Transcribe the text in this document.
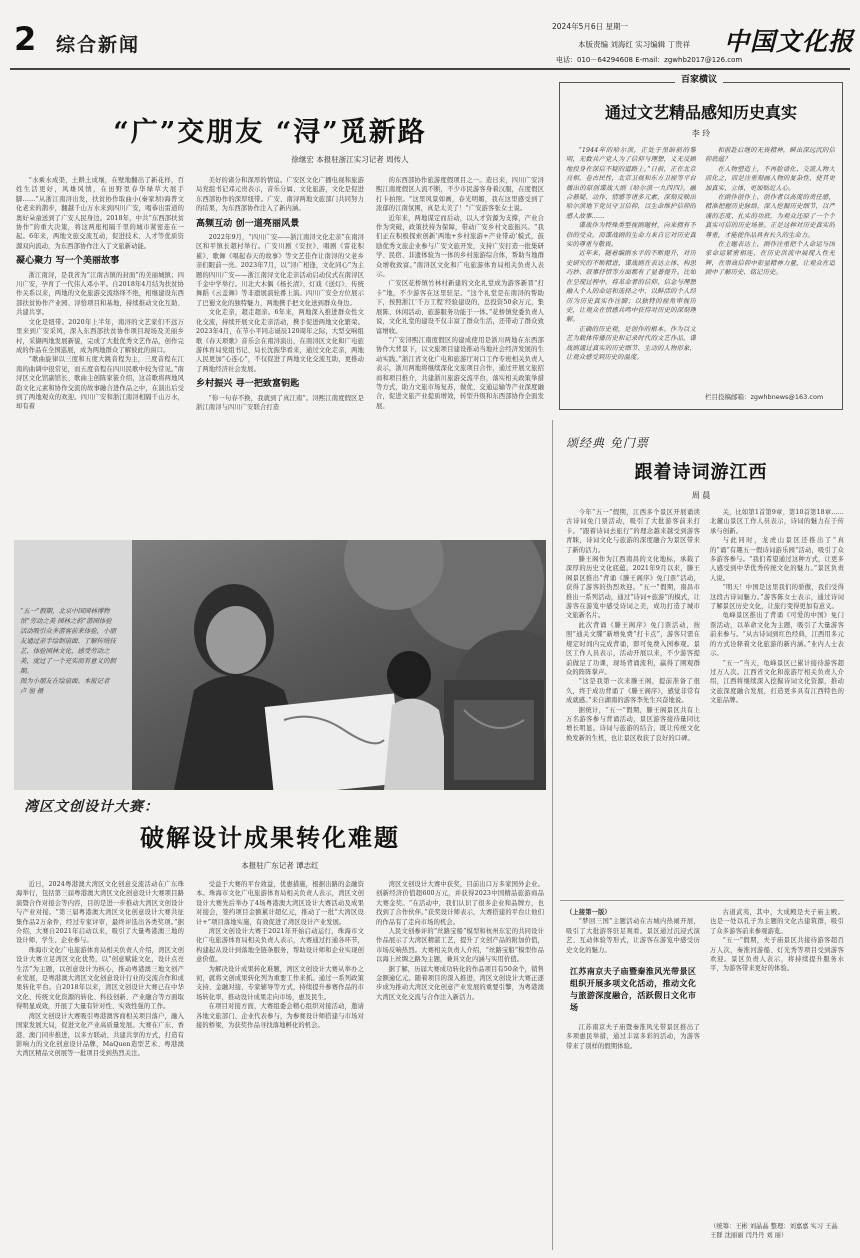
2 综合新闻
2024年5月6日 星期一
本版责编 刘海红 实习编辑 丁贵祥
电话：010－64294608 E-mail：zgwhb2017@126.com
中国文化报
“广”交朋友 “浔”觅新路
徐继宏 本报驻浙江实习记者 周传人

“水乘水成渠，土耕土成壤，在壁地翻出了新花样，百姓生活更好，风雄风情，在田野里春华绿草大展手脚……”从浙江南浔出发，扶贫协作取曲小(秦家坝)海普文化老来的鹊步，翻越千山万水来到四川广安，喝恭出雷道的奥好朵童送到了广安人民身边。2018年，中共“东西部扶贫协作”的重大决策，将这两座相隔千里的城市紧密连在一起。6年来，两地文旅交流互动，促进技术、人才等优质资源双向流动，为东西部协作注入了文旅新动能。

凝心聚力 写一个美丽故事

浙江南浔，是我省为“江南古镇的封面”的美丽城镇；四川广安，孕育了一代伟人邓小平。自2018年4月结为扶贫协作关系以来，两地的文化旅游交流络绎不绝，相继建设东西部扶贫协作产业园、浔恰项目和基地，持续推动文化互助、共建共享。

文化是纽带。2020年上半年，南浔的文艺家们不远万里来到广安采风，深入东西部扶贫协作项目现场及美丽乡村，采撷两地发展新貌，完成了大批优秀文艺作品，创作完成的作品在全国巡展，成为两地群众了解彼此的窗口。

“歌曲旋律以三度和五度大跳音程为主，三度音程在江南的曲调中很常见，而五度音程在四川民歌中较为常见。”南浔区文化馆副馆长、歌曲主创陈家筱介绍，这首歌将两地风韵文化元素和协作交流的故事融合进作品之中，在演出后受到了两地观众的欢迎。四川广安和浙江南浔相隔千山万水，却有着

美好的诸分和深厚的情谊。广安区文化广播电视和旅游局党组书记邓元贵表示，音乐分属、文化旅游，文化是促进东西部协作的深厚纽带。广安、南浔两地文旅部门共同努力的结果，为东西部协作注入了新内涵。

高频互动 创一道亮丽风景

2022年9月，“四川广安——浙江南浔文化走亲”在南浔区和平镇长超村举行。广安川剧《安拉》、唱剧《雷花积累》、歌舞《唱起春天的故事》等文艺佳作让南浔的父老乡亲们眼前一亮。2023年7月，以“浔广相逢，文化同心”为主题的四川广安——浙江南浔文化走亲活动启动仪式在南浔区千金中学举行。川北大木偶《杨长清》、灯戏《送灯》、传统舞蹈《云盖舞》等非遗展演轮番上演。四川广安全方位展示了巴蜀文化的独特魅力，两地携手把文化送到群众身边。

文化走亲，超走超亲。6年来，两地深入推进群众性文化交流，持续开展文化走亲活动，携手促进两地文化繁荣。2023年4月，在节小平同志诞辰120周年之际，大型交响组歌《春天项歌》音乐会在南浔演出，在南浔区文化和广电旅游体育局党组书记、局长沈振华看来，通过文化走亲，两地人民更加“心连心”，不仅促进了两地文化交流互助，更推动了两地经济社会发展。

乡村振兴 寻一把致富钥匙

“你一句春不换，我就到了真江南”。浔熙江南度假区是浙江南浔与四川广安联合打造

的东西部协作旅游度假项目之一。造日来，四川广安浔熙江南度假区人流不断，不少市民游客身着汉服，在度假区打卡拍照。“这里风景如画，春光明媚，我在这里感受到了浓郁的江南氛围，真是太美了！”广安游客张女士说。

近年来，两地谋定而后动，以人才资源为支撑，产业合作为突破，政策扶持为保障，带动广安乡村文旅振兴。“我们正在积极探索创新‘两地+乡村旅游+产业带动’模式，鼓励优秀文旅企业参与广安文旅开发，支持广安打造一批集研学、民宿、非遗体验为一体的乡村旅游综合体，帮助当地群众增收致富。”南浔区文化和广电旅游体育局相关负责人表示。

广安区花桥镇竹林村新建的文化礼堂成为游客新晋“打卡”地，不少游客在这里驻足。“这个礼堂是在南浔的帮助下，按照浙江‘千万工程’经验建设的，总投资50余万元，集展陈、休闲活动、旅游服务功能于一体。”花桥镇党委负责人说，文化礼堂的建设不仅丰富了群众生活，还带动了群众致富增收。

“广安浔熙江南度假区的建成使用是浙川两地在东西部协作大背景下，以文旅项目建设推动当地社会经济发展的生动实践。”浙江省文化广电和旅游厅对口工作专班相关负责人表示，浙川两地将继续深化文旅项目合作，通过开展文旅招商和项目推介，共建浙川旅游交流平台，落实相关政策举措等方式，助力文旅市场复苏，做优、交通运输等产业深度融合，促进文旅产业提质增效，转型升级和东西部协作全面发展。

百家横议
通过文艺精品感知历史真实
李 玲

“1944年的哈尔滨，正处于黑暗前的黎明，无数共产党人为了信仰与理想，义无反顾地投身在深信不疑的道路上。”日前，正在北京亮相，卷古民性，北京卫视和东方卫视等平台播出的原创谍战大剧《哈尔滨一九四四》，融合悬疑、动作、情感等诸多元素，深刻反映出哈尔滨地下党员守卫信仰，以生命维护信仰的感人故事……

谍战作为特殊类型视剧题材，向来拥有不俗的受众，而谍战剧的生命力来自它对历史真实的尊重与敬畏。

近年来，随着编剧水平的不断提升，对历史研究的不断精进，谍战剧在表达立体、构思巧妙、叙事抒情等方面都有了显著提升。比如在呈现过程中，将革命者的信仰、信念与理想融入个人的命运和选择之中，以鲜活的个人经历为历史真实作注脚；以独特的视角审视历史，让观众在情感共鸣中获得对历史的深刻理解。

正确的历史观，是创作的根本。作为以文艺为载体传播历史和记录时代的文艺作品，谍战剧通过真实的历史细节、生动的人物形象，让观众感受到历史的温度。

和前赴后继的无畏精神，瞬出深远沉的信仰底蕴？

在人物塑造上，不再脸谱化、交流人物大而化之，而是注重刻画人物的复杂性，使其更加真实、立体，更加贴近人心。

在剧作创作上，创作者以高度的责任感，精准把握历史脉络，深入挖掘历史细节，以严谨的态度、扎实的功底，为观众还原了一个个真实可信的历史场景。正是这种对历史真实的尊重，才能使作品具有长久的生命力。

在主题表达上，剧作注重把个人命运与国家命运紧密相连，在历史洪流中展现人性光辉，在崇高信仰中彰显精神力量，让观众在追剧中了解历史、铭记历史。

栏目投稿邮箱：zgwhbnews@163.com
“五一”假期，北京中国园林博物馆“劳动之美 园林之韵”游园体验活动吸引众多游客前来体验，小朋友通过亲手绘制扇面、了解传统技艺、体验园林文化，感受劳动之美，度过了一个充实而有意义的假期。
图为小朋友在绘扇面。本报记者 卢 旭 摄
湾区文创设计大赛：
破解设计成果转化难题
本报驻广东记者 谭志红

近日，2024粤港澳大湾区文化创意交流活动在广东珠海举行，包括第三届粤港澳大湾区文化创意设计大赛项目路演暨合作对接会等内容，目的是进一步推动大湾区文创设计与产业对接。“第三届粤港澳大湾区文化创意设计大赛共征集作品2万余件，经过专家评审，最终评选出各类奖项。”据介绍，大赛自2021年启动以来，吸引了大量粤港澳三地的设计师、学生、企业参与。

珠海市文化广电旅游体育局相关负责人介绍，湾区文创设计大赛立足湾区文化优势，以“创意赋能文化，设计点亮生活”为主题，以创意设计为核心，推动粤港澳三地文创产业发展，是粤港澳大湾区文化创意设计行业的交流合作和成果转化平台。自2018年以来，湾区文创设计大赛已在中华文化、传统文化资源的转化、科技创新、产业融合等方面取得明显成效，开展了大量有针对性、实效性强的工作。

湾区文创设计大赛吸引粤港澳客商相关项目落户，融入国家发展大局，促进文化产业高质量发展。大赛在广东、香港、澳门同步推进，以多方联动、共建共享的方式，打造有影响力的文化创意设计品牌，MaQuen造型艺术、粤港澳大湾区精品文创展等一批项目受到热烈关注。

受益于大赛的平台效益，优惠措施，根据出路的金融资本。珠海市文化广电旅游体育局相关负责人表示，湾区文创设计大赛先后举办了4场粤港澳大湾区设计大赛活动及成果对接会，签约项目金额累计超亿元，推动了一批“大湾区设计+”项目落地实施，有效促进了湾区设计产业发展。

湾区文创设计大赛于2021年开始启动运行，珠海市文化广电旅游体育局相关负责人表示，大赛通过打通各环节，构建起从设计到落地全链条服务，帮助设计师和企业实现创意价值。

为解决设计成果转化难题，湾区文创设计大赛从举办之初，就将文创成果转化列为重要工作来抓。通过一系列政策支持、金融对接、专家辅导等方式，持续提升参赛作品的市场转化率，推动设计成果走向市场，惠及民生。

在项目对接方面，大赛组委会精心组织对接活动，邀请各地文旅部门、企业代表参与，为参赛设计师搭建与市场对接的桥梁，为获奖作品寻找落地孵化的机会。

湾区文创设计大赛中获奖，目前出口万多家国外企业。创新经济价值超600万元，并获得2023中国精品旅游商品大赛金奖。“在活动中，我们认识了很多企业和品牌方，也找到了合作伙伴。”获奖设计师表示，大赛搭建的平台让他们的作品有了走向市场的机会。

人民文创参评的“丝路宝船”模型和杭州东宏的共同设计作品展示了大湾区精湛工艺，提升了文创产品的附加价值，市场反响热烈。大赛相关负责人介绍，“丝路宝船”模型作品以海上丝绸之路为主题，兼具文化内涵与实用价值。

据了解，历届大赛成功转化的作品项目有50余个，销售金额逾亿元。随着项目的深入推进，湾区文创设计大赛正逐步成为推动大湾区文化创意产业发展的重要引擎，为粤港澳大湾区文化交流与合作注入新活力。

颂经典 免门票
跟着诗词游江西
周 晨

今年“五一”假期，江西多个景区开展诵读古诗词免门票活动，吸引了大批游客前来打卡。“跟着诗词去旅行”的理念越来越受到游客青睐，诗词文化与旅游的深度融合为景区带来了新的活力。

滕王阁作为江西南昌的文化地标，承载了深厚的历史文化底蕴。2021年9月以来，滕王阁景区推出“背诵《滕王阁序》免门票”活动，获得了游客的热烈欢迎。“五一”假期，南昌市推出一系列活动，通过“诗词+旅游”的模式，让游客在游览中感受诗词之美，成功打造了城市文旅新名片。

此次背诵《滕王阁序》免门票活动，按照“通关文牒”新增免费“打卡点”，游客只需在规定时间内完成背诵，即可免费入园参观。景区工作人员表示，活动开展以来，不少游客提前做足了功课，现场背诵流利，赢得了围观群众的阵阵掌声。

“这是我第一次来滕王阁，提前准备了很久，终于成功背诵了《滕王阁序》，感觉非常有成就感。”来自湖南的游客李先生兴奋地说。

据统计，“五一”假期，滕王阁景区共有上万名游客参与背诵活动，景区游客接待量同比增长明显。诗词与旅游的结合，既让传统文化焕发新的生机，也让景区收获了良好的口碑。

关，比如第1首第9章、第10首第18章……北麓山景区工作人员表示，诗词的魅力在于传承与创新。

与此同时，龙虎山景区还推出了“真的”诵“有趣五一假诗词游乐园”活动，吸引了众多游客参与。“我们希望通过这种方式，让更多人感受到中华优秀传统文化的魅力。”景区负责人说。

“明天！中国是这里我们的骄傲，我们受得这段古诗词魅力。”游客陈女士表示，通过诗词了解景区历史文化，让旅行变得更加有意义。

龟峰景区推出了背诵《可爱的中国》免门票活动，以革命文化为主题，吸引了大量游客前来参与。“从古诗词到红色经典，江西用多元的方式诠释着文化旅游的新内涵。”业内人士表示。

“五一”当天，龟峰景区已累计接待游客超过万人次。江西省文化和旅游厅相关负责人介绍，江西将继续深入挖掘诗词文化资源，推动文旅深度融合发展，打造更多具有江西特色的文旅品牌。

（上接第一版）

“梦回三国”主题活动在古城内热闹开展，吸引了大批游客驻足观看。景区通过沉浸式演艺、互动体验等形式，让游客在游览中感受历史文化的魅力。

江苏南京夫子庙暨秦淮风光带景区组织开展多项文化活动，推动文化与旅游深度融合，活跃假日文化市场

江苏南京夫子庙暨秦淮风光带景区推出了多项惠民举措，通过丰富多彩的活动，为游客带来了别样的假期体验。

古道武夷，其中，大成殿是夫子庙主殿。也是一处以孔子为主题的文化古建筑群，吸引了众多游客前来参观游览。

“五一”假期，夫子庙景区共接待游客超百万人次，秦淮河游船、灯光秀等项目受到游客欢迎。景区负责人表示，将持续提升服务水平，为游客带来更好的体验。

（统筹：王彬 刘晶晶 整理：刘嘉嘉 实习 王晶 王群 沈丽丽 闫丹丹 刘 丽）
